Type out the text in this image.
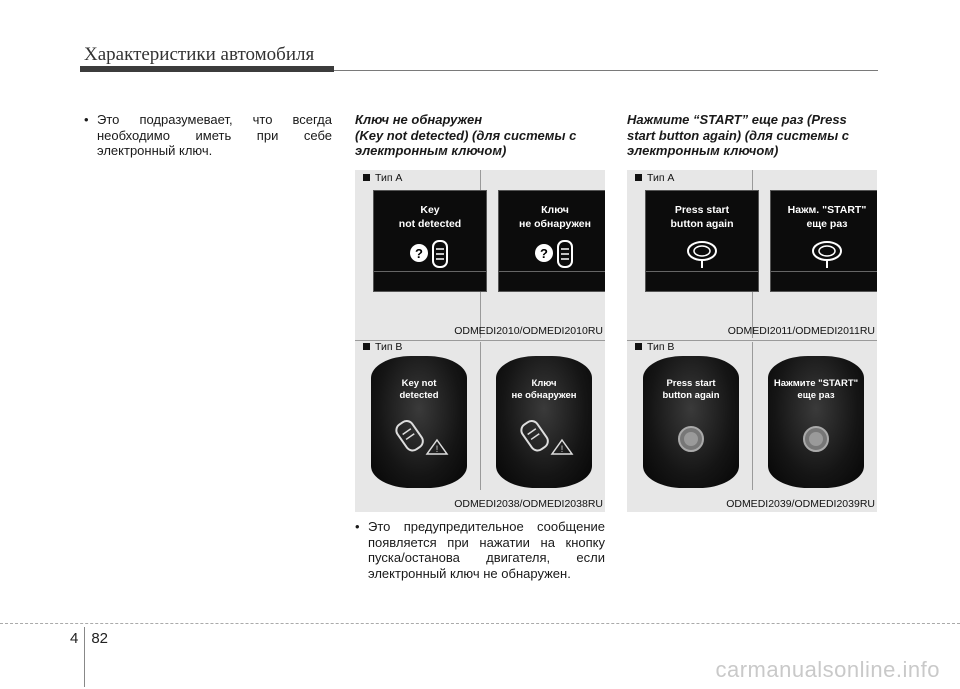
Характеристики автомобиля
• Это подразумевает, что всегда необходимо иметь при себе электронный ключ.
Ключ не обнаружен
(Key not detected) (для системы с электронным ключом)
Тип A
Key
not detected
?
Ключ
не обнаружен
?
ODMEDI2010/ODMEDI2010RU
Тип B
Key not
detected
!
Ключ
не обнаружен
!
ODMEDI2038/ODMEDI2038RU
• Это предупредительное сообщение появляется при нажатии на кнопку пуска/останова двигателя, если электронный ключ не обнаружен.
Нажмите “START” еще раз (Press start button again) (для системы с электронным ключом)
Тип A
Press start
button again
Нажм. "START"
еще раз
ODMEDI2011/ODMEDI2011RU
Тип B
Press start
button again
Нажмите "START"
еще раз
ODMEDI2039/ODMEDI2039RU
4 82
carmanualsonline.info
